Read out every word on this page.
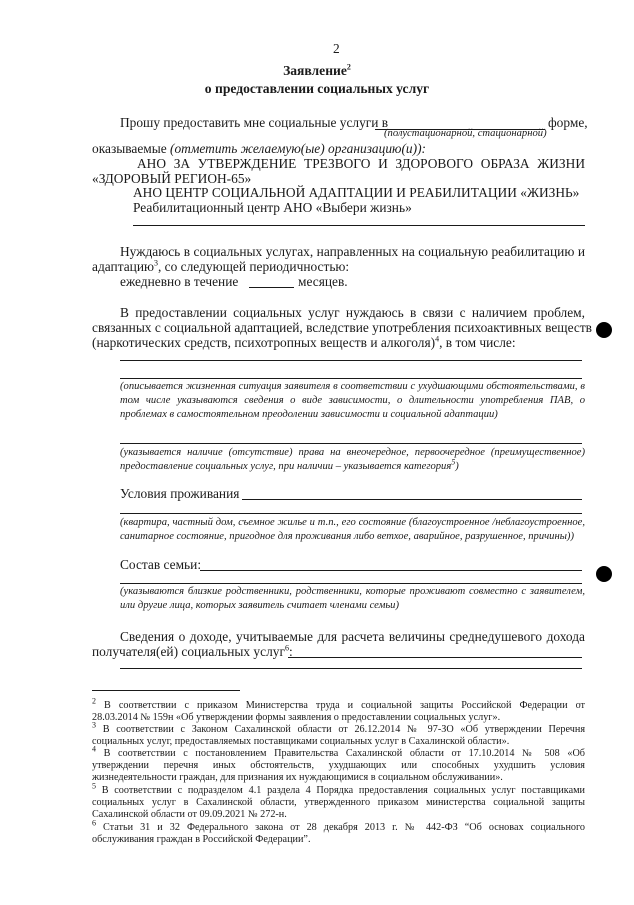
2
Заявление$^2$
о предоставлении социальных услуг
Прошу предоставить мне социальные услуги в	форме,
(полустационарной, стационарной)
оказываемые (отметить желаемую(ые) организацию(и)):
АНО ЗА УТВЕРЖДЕНИЕ ТРЕЗВОГО И ЗДОРОВОГО ОБРАЗА ЖИЗНИ
«ЗДОРОВЫЙ РЕГИОН-65»
АНО ЦЕНТР СОЦИАЛЬНОЙ АДАПТАЦИИ И РЕАБИЛИТАЦИИ «ЖИЗНЬ»
Реабилитационный центр АНО «Выбери жизнь»
Нуждаюсь в социальных услугах, направленных на социальную реабилитацию и
адаптацию$^3$, со следующей периодичностью:
ежедневно в течение	месяцев.
В предоставлении социальных услуг нуждаюсь в связи с наличием проблем,
связанных с социальной адаптацией, вследствие употребления психоактивных веществ
(наркотических средств, психотропных веществ и алкоголя)$^4$, в том числе:
(описывается жизненная ситуация заявителя в соответствии с ухудшающими обстоятельствами, в
том числе указываются сведения о виде зависимости, о длительности употребления ПАВ, о
проблемах в самостоятельном преодолении зависимости и социальной адаптации)
(указывается наличие (отсутствие) права на внеочередное, первоочередное (преимущественное)
предоставление социальных услуг, при наличии – указывается категория$^5$)
Условия проживания
(квартира, частный дом, съемное жилье и т.п., его состояние (благоустроенное /неблагоустроенное,
санитарное состояние, пригодное для проживания либо ветхое, аварийное, разрушенное, причины))
Состав семьи:
(указываются близкие родственники, родственники, которые проживают совместно с заявителем,
или другие лица, которых заявитель считает членами семьи)
Сведения о доходе, учитываемые для расчета величины среднедушевого дохода
получателя(ей) социальных услуг$^6$:
$^2$ В соответствии с приказом Министерства труда и социальной защиты Российской Федерации от
28.03.2014 № 159н «Об утверждении формы заявления о предоставлении социальных услуг».
$^3$ В соответствии с Законом Сахалинской области от 26.12.2014 № 97-ЗО «Об утверждении Перечня
социальных услуг, предоставляемых поставщиками социальных услуг в Сахалинской области».
$^4$ В соответствии с постановлением Правительства Сахалинской области от 17.10.2014 № 508 «Об
утверждении перечня иных обстоятельств, ухудшающих или способных ухудшить условия
жизнедеятельности граждан, для признания их нуждающимися в социальном обслуживании».
$^5$ В соответствии с подразделом 4.1 раздела 4 Порядка предоставления социальных услуг поставщиками
социальных услуг в Сахалинской области, утвержденного приказом министерства социальной защиты
Сахалинской области от 09.09.2021 № 272-н.
$^6$ Статьи 31 и 32 Федерального закона от 28 декабря 2013 г. № 442-ФЗ “Об основах социального
обслуживания граждан в Российской Федерации”.
